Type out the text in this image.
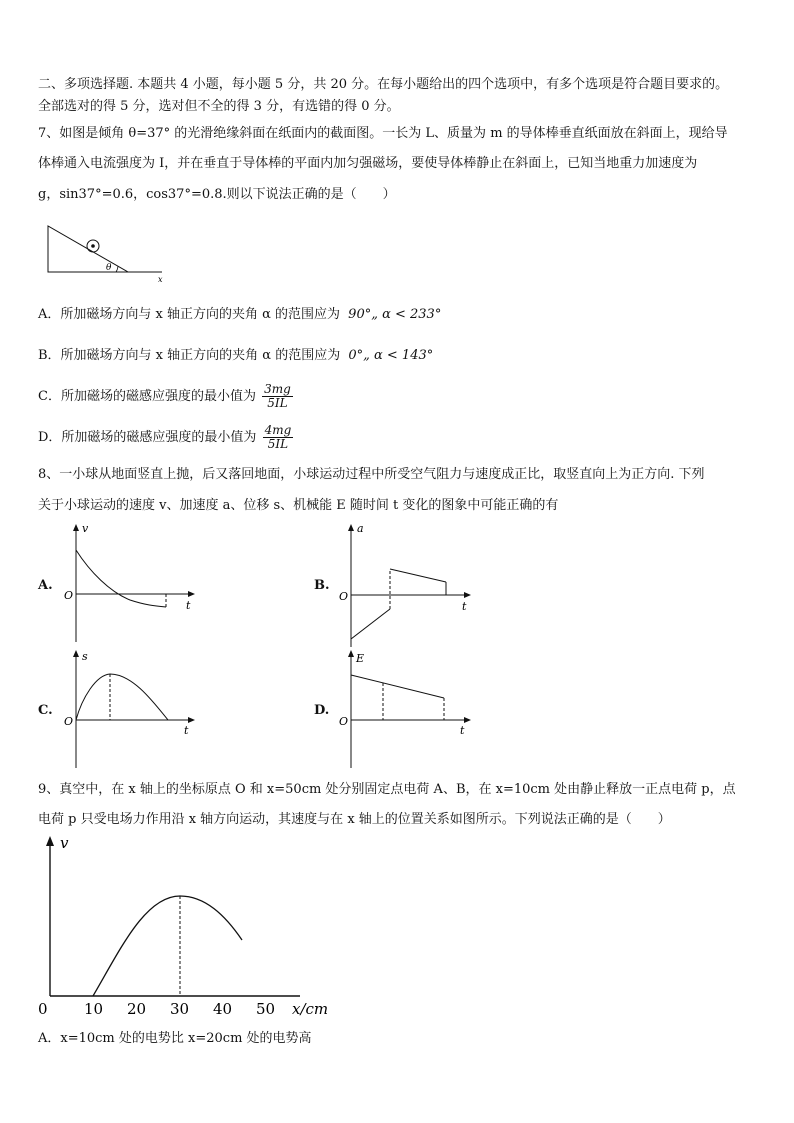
二、多项选择题. 本题共 4 小题，每小题 5 分，共 20 分。在每小题给出的四个选项中，有多个选项是符合题目要求的。
全部选对的得 5 分，选对但不全的得 3 分，有选错的得 0 分。
7、如图是倾角 θ=37° 的光滑绝缘斜面在纸面内的截面图。一长为 L、质量为 m 的导体棒垂直纸面放在斜面上，现给导
体棒通入电流强度为 I，并在垂直于导体棒的平面内加匀强磁场，要使导体棒静止在斜面上，已知当地重力加速度为
g，sin37°=0.6，cos37°=0.8.则以下说法正确的是（　　）
θ
x
A．所加磁场方向与 x 轴正方向的夹角 α 的范围应为 90°„ α < 233°
B．所加磁场方向与 x 轴正方向的夹角 α 的范围应为 0°„ α < 143°
C．所加磁场的磁感应强度的最小值为 $\frac{3mg}{5IL}$
D．所加磁场的磁感应强度的最小值为 $\frac{4mg}{5IL}$
8、一小球从地面竖直上抛，后又落回地面，小球运动过程中所受空气阻力与速度成正比，取竖直向上为正方向. 下列
关于小球运动的速度 v、加速度 a、位移 s、机械能 E 随时间 t 变化的图象中可能正确的有
A.
v
t
O
B.
a
t
O
C.
s
t
O
D.
E
t
O
9、真空中，在 x 轴上的坐标原点 O 和 x=50cm 处分别固定点电荷 A、B，在 x=10cm 处由静止释放一正点电荷 p，点
电荷 p 只受电场力作用沿 x 轴方向运动，其速度与在 x 轴上的位置关系如图所示。下列说法正确的是（　　）
v
x/cm
0 10 20 30 40 50
A．x=10cm 处的电势比 x=20cm 处的电势高
